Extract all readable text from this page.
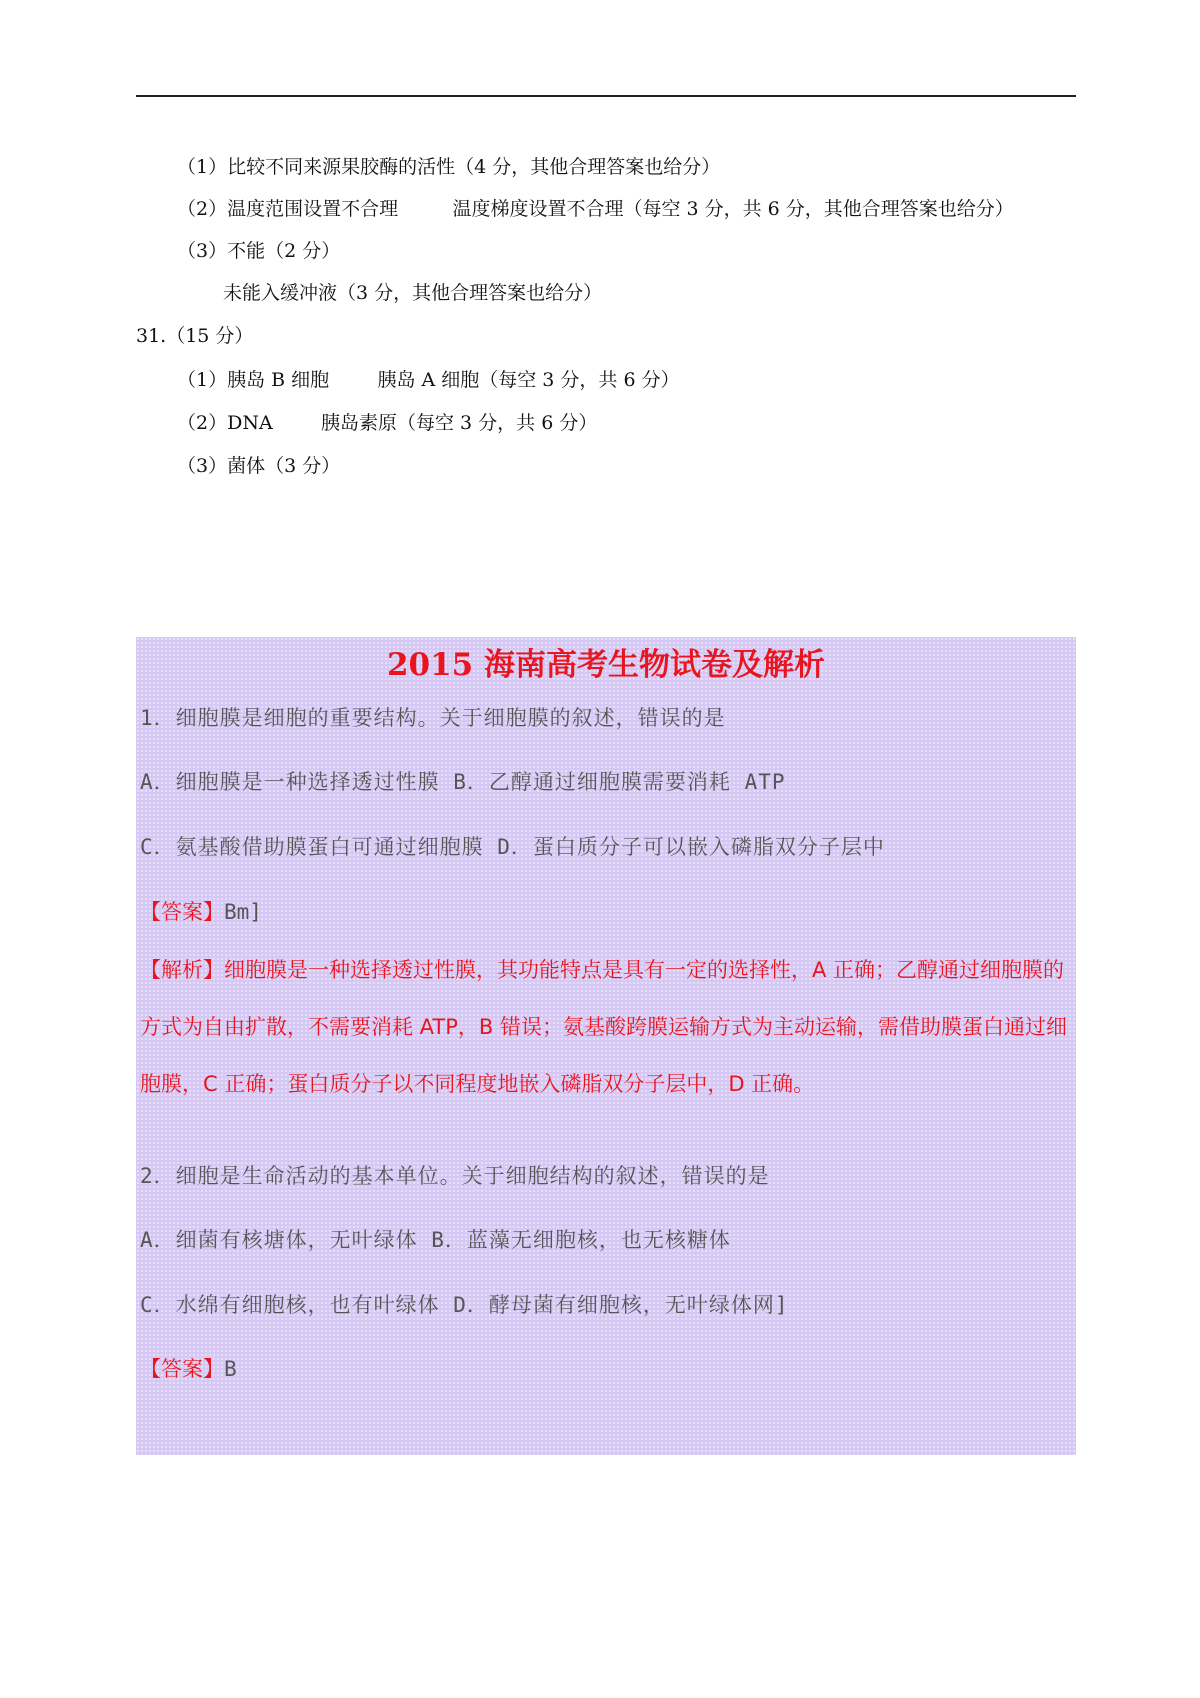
（1）比较不同来源果胶酶的活性（4 分，其他合理答案也给分）
（2）温度范围设置不合理         温度梯度设置不合理（每空 3 分，共 6 分，其他合理答案也给分）
（3）不能（2 分）
未能入缓冲液（3 分，其他合理答案也给分）
31.（15 分）
（1）胰岛 B 细胞        胰岛 A 细胞（每空 3 分，共 6 分）
（2）DNA        胰岛素原（每空 3 分，共 6 分）
（3）菌体（3 分）
2015 海南高考生物试卷及解析
1．细胞膜是细胞的重要结构。关于细胞膜的叙述，错误的是
A．细胞膜是一种选择透过性膜 B．乙醇通过细胞膜需要消耗 ATP
C．氨基酸借助膜蛋白可通过细胞膜 D．蛋白质分子可以嵌入磷脂双分子层中
【答案】Bm]
【解析】细胞膜是一种选择透过性膜，其功能特点是具有一定的选择性，A 正确；乙醇通过细胞膜的方式为自由扩散，不需要消耗 ATP，B 错误；氨基酸跨膜运输方式为主动运输，需借助膜蛋白通过细胞膜，C 正确；蛋白质分子以不同程度地嵌入磷脂双分子层中，D 正确。
2．细胞是生命活动的基本单位。关于细胞结构的叙述，错误的是
A．细菌有核塘体，无叶绿体 B．蓝藻无细胞核，也无核糖体
C．水绵有细胞核，也有叶绿体 D．酵母菌有细胞核，无叶绿体网]
【答案】B
